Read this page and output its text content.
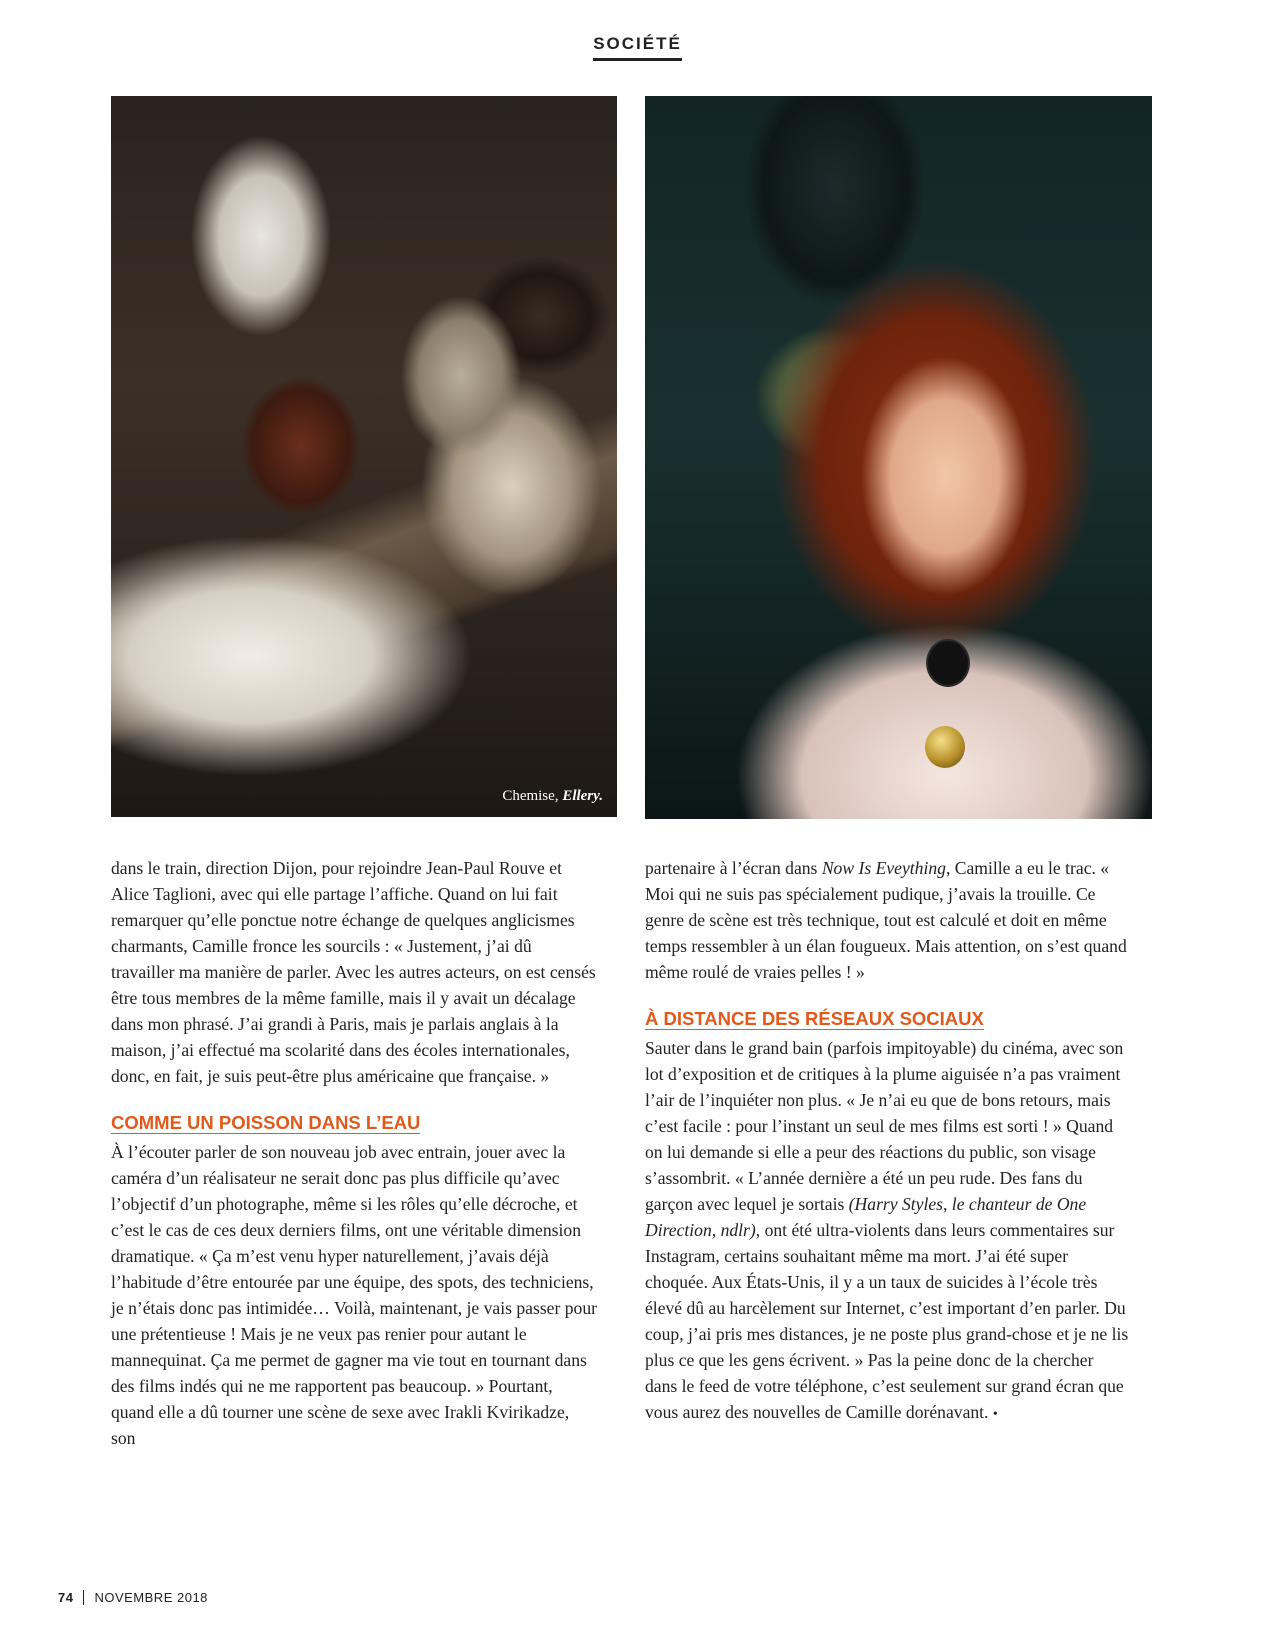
SOCIÉTÉ
Chemise, Ellery.

dans le train, direction Dijon, pour rejoindre Jean-Paul Rouve et Alice Taglioni, avec qui elle partage l’affiche. Quand on lui fait remarquer qu’elle ponctue notre échange de quelques anglicismes charmants, Camille fronce les sourcils : « Justement, j’ai dû travailler ma manière de parler. Avec les autres acteurs, on est censés être tous membres de la même famille, mais il y avait un décalage dans mon phrasé. J’ai grandi à Paris, mais je parlais anglais à la maison, j’ai effectué ma scolarité dans des écoles internationales, donc, en fait, je suis peut-être plus américaine que française. »

COMME UN POISSON DANS L’EAU

À l’écouter parler de son nouveau job avec entrain, jouer avec la caméra d’un réalisateur ne serait donc pas plus difficile qu’avec l’objectif d’un photographe, même si les rôles qu’elle décroche, et c’est le cas de ces deux derniers films, ont une véritable dimension dramatique. « Ça m’est venu hyper naturellement, j’avais déjà l’habitude d’être entourée par une équipe, des spots, des techniciens, je n’étais donc pas intimidée… Voilà, maintenant, je vais passer pour une prétentieuse ! Mais je ne veux pas renier pour autant le mannequinat. Ça me permet de gagner ma vie tout en tournant dans des films indés qui ne me rapportent pas beaucoup. » Pourtant, quand elle a dû tourner une scène de sexe avec Irakli Kvirikadze, son

partenaire à l’écran dans Now Is Eveything, Camille a eu le trac. « Moi qui ne suis pas spécialement pudique, j’avais la trouille. Ce genre de scène est très technique, tout est calculé et doit en même temps ressembler à un élan fougueux. Mais attention, on s’est quand même roulé de vraies pelles ! »

À DISTANCE DES RÉSEAUX SOCIAUX

Sauter dans le grand bain (parfois impitoyable) du cinéma, avec son lot d’exposition et de critiques à la plume aiguisée n’a pas vraiment l’air de l’inquiéter non plus. « Je n’ai eu que de bons retours, mais c’est facile : pour l’instant un seul de mes films est sorti ! » Quand on lui demande si elle a peur des réactions du public, son visage s’assombrit. « L’année dernière a été un peu rude. Des fans du garçon avec lequel je sortais (Harry Styles, le chanteur de One Direction, ndlr), ont été ultra-violents dans leurs commentaires sur Instagram, certains souhaitant même ma mort. J’ai été super choquée. Aux États-Unis, il y a un taux de suicides à l’école très élevé dû au harcèlement sur Internet, c’est important d’en parler. Du coup, j’ai pris mes distances, je ne poste plus grand-chose et je ne lis plus ce que les gens écrivent. » Pas la peine donc de la chercher dans le feed de votre téléphone, c’est seulement sur grand écran que vous aurez des nouvelles de Camille dorénavant. •

74 NOVEMBRE 2018
